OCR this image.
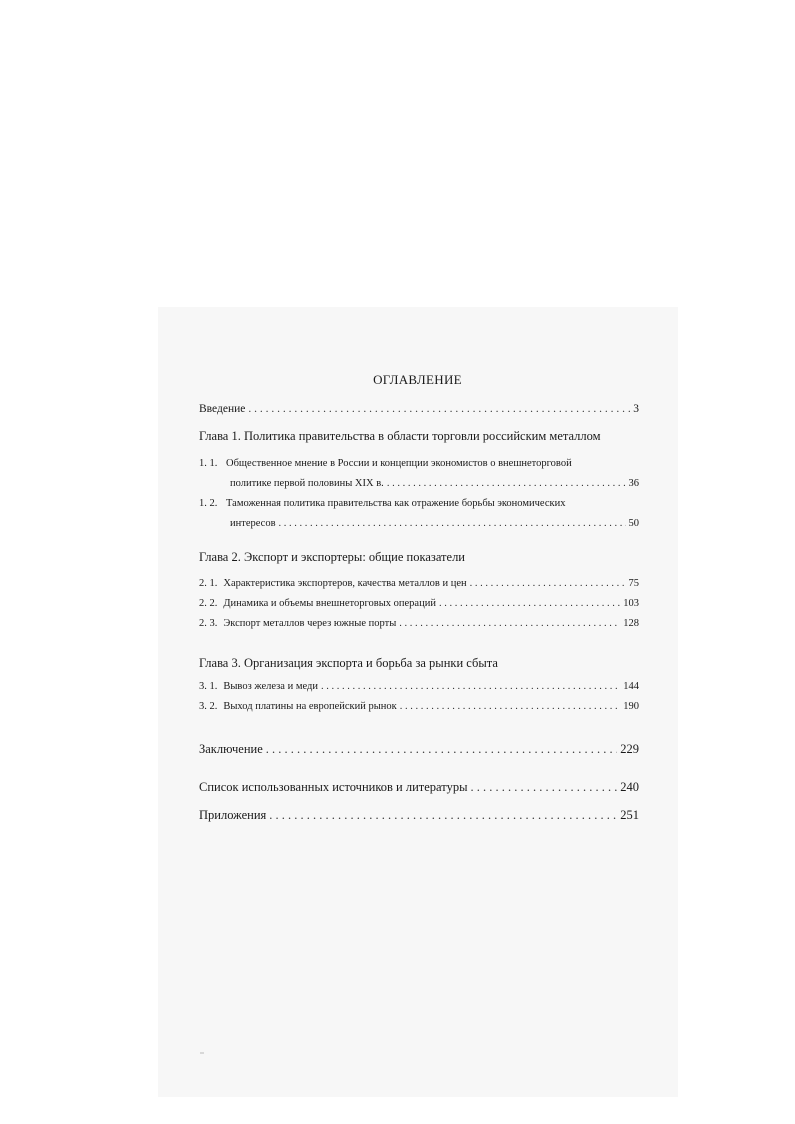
ОГЛАВЛЕНИЕ
Введение . . .	3
Глава 1. Политика правительства в области торговли российским металлом
1. 1. Общественное мнение в России и концепции экономистов о внешнеторговой
политике первой половины XIX в. . . .	36
1. 2. Таможенная политика правительства как отражение борьбы экономических
интересов . . .	50
Глава 2. Экспорт и экспортеры: общие показатели
2. 1. Характеристика экспортеров, качества металлов и цен . . .	75
2. 2. Динамика и объемы внешнеторговых операций . . .	103
2. 3. Экспорт металлов через южные порты . . .	128
Глава 3. Организация экспорта и борьба за рынки сбыта
3. 1. Вывоз железа и меди . . .	144
3. 2. Выход платины на европейский рынок . . .	190
Заключение . . .	229
Список использованных источников и литературы . . .	240
Приложения . . .	251
